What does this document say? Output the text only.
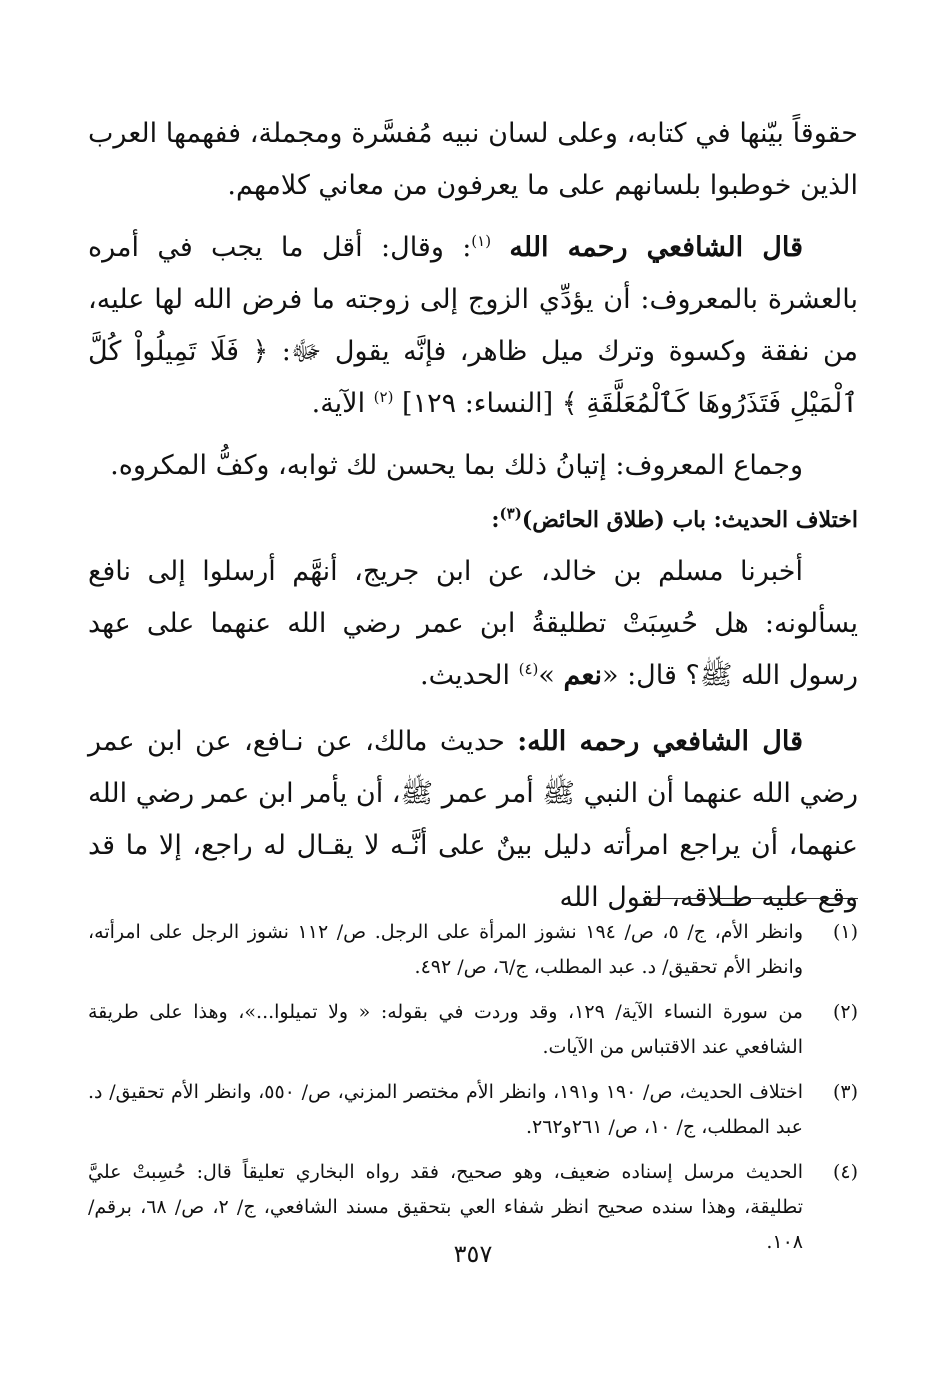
حقوقاً بيّنها في كتابه، وعلى لسان نبيه مُفسَّرة ومجملة، ففهمها العرب الذين خوطبوا بلسانهم على ما يعرفون من معاني كلامهم.

قال الشافعي رحمه الله $^{(١)}$: وقال: أقل ما يجب في أمره بالعشرة بالمعروف: أن يؤدِّي الزوج إلى زوجته ما فرض الله لها عليه، من نفقة وكسوة وترك ميل ظاهر، فإنَّه يقول ﷻ: ﴿ فَلَا تَمِيلُواْ كُلَّ ٱلْمَيْلِ فَتَذَرُوهَا كَٱلْمُعَلَّقَةِ ﴾ [النساء: ١٢٩] $^{(٢)}$ الآية.

وجماع المعروف: إتيانُ ذلك بما يحسن لك ثوابه، وكفُّ المكروه.

اختلاف الحديث: باب (طلاق الحائض)$^{(٣)}$:

أخبرنا مسلم بن خالد، عن ابن جريج، أنهَّم أرسلوا إلى نافع يسألونه: هل حُسِبَتْ تطليقةُ ابن عمر رضي الله عنهما على عهد رسول الله ﷺ؟ قال: «نعم »$^{(٤)}$ الحديث.

قال الشافعي رحمه الله: حديث مالك، عن نـافع، عن ابن عمر رضي الله عنهما أن النبي ﷺ أمر عمر ﷺ، أن يأمر ابن عمر رضي الله عنهما، أن يراجع امرأته دليل بينٌ على أنَّـه لا يقـال له راجع، إلا ما قد وقع عليه طـلاقه، لقول الله

(١)
وانظر الأم، ج/ ٥، ص/ ١٩٤ نشوز المرأة على الرجل. ص/ ١١٢ نشوز الرجل على امرأته، وانظر الأم تحقيق/ د. عبد المطلب، ج/٦، ص/ ٤٩٢.
(٢)
من سورة النساء الآية/ ١٢٩، وقد وردت في بقوله: « ولا تميلوا...»، وهذا على طريقة الشافعي عند الاقتباس من الآيات.
(٣)
اختلاف الحديث، ص/ ١٩٠ و١٩١، وانظر الأم مختصر المزني، ص/ ٥٥٠، وانظر الأم تحقيق/ د. عبد المطلب، ج/ ١٠، ص/ ٢٦١و٢٦٢.
(٤)
الحديث مرسل إسناده ضعيف، وهو صحيح، فقد رواه البخاري تعليقاً قال: حُسِبتْ عليَّ تطليقة، وهذا سنده صحيح انظر شفاء العي بتحقيق مسند الشافعي، ج/ ٢، ص/ ٦٨، برقم/ ١٠٨.
٣٥٧
